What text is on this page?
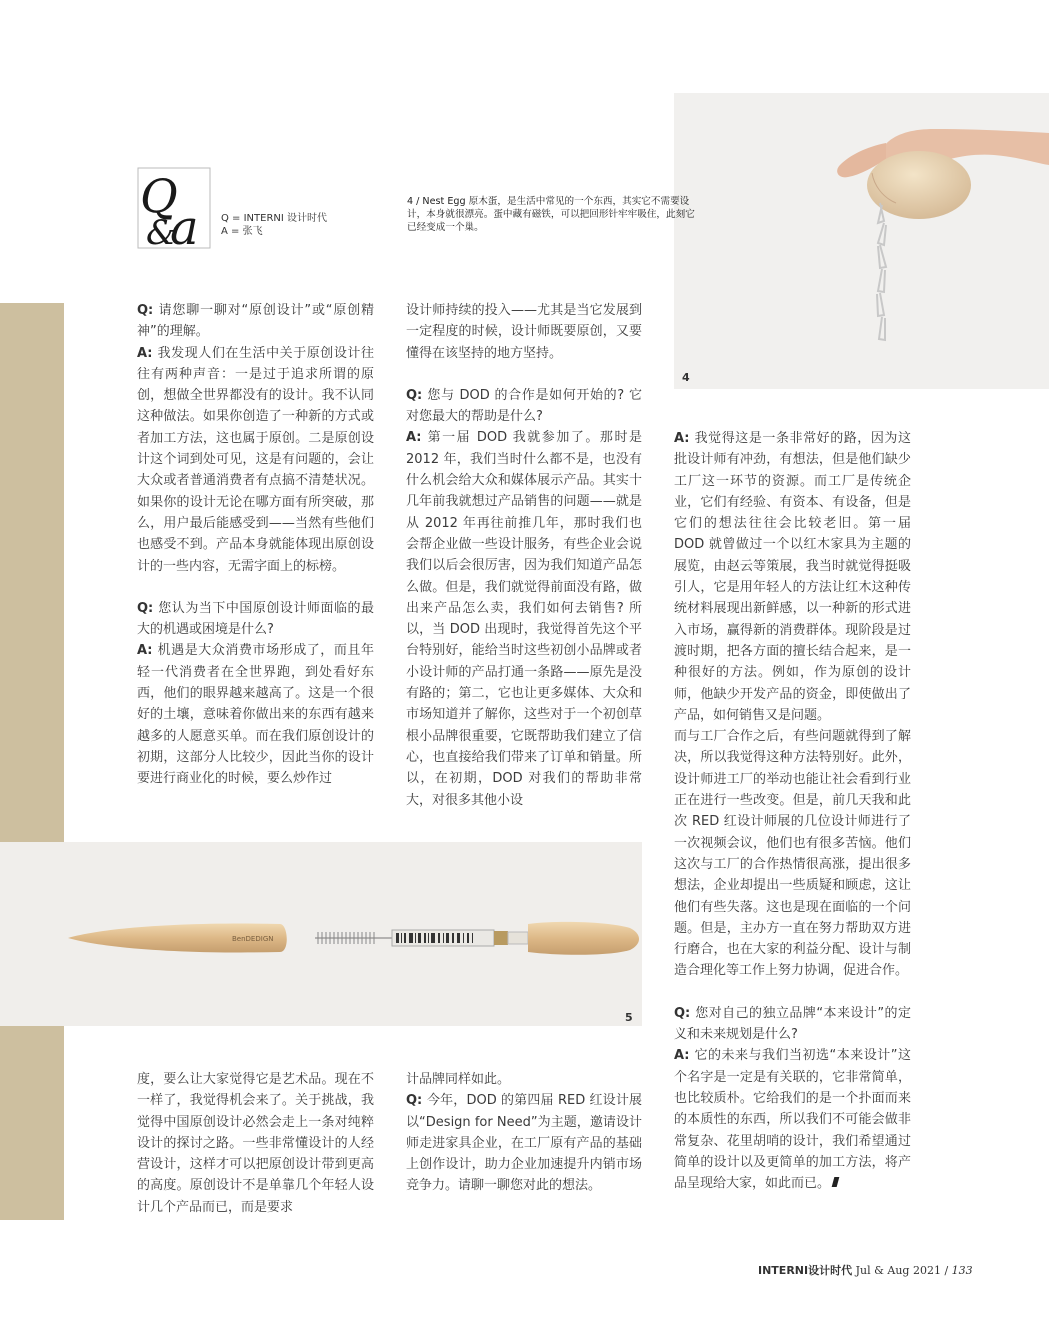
4
Q
&
a Q = INTERNI 设计时代
A = 张飞
4 / Nest Egg 原木蛋，是生活中常见的一个东西，其实它不需要设计，本身就很漂亮。蛋中藏有磁铁，可以把回形针牢牢吸住，此刻它已经变成一个巢。

Q: 请您聊一聊对“原创设计”或“原创精神”的理解。

A: 我发现人们在生活中关于原创设计往往有两种声音：一是过于追求所谓的原创，想做全世界都没有的设计。我不认同这种做法。如果你创造了一种新的方式或者加工方法，这也属于原创。二是原创设计这个词到处可见，这是有问题的，会让大众或者普通消费者有点搞不清楚状况。如果你的设计无论在哪方面有所突破，那么，用户最后能感受到——当然有些他们也感受不到。产品本身就能体现出原创设计的一些内容，无需字面上的标榜。

Q: 您认为当下中国原创设计师面临的最大的机遇或困境是什么?

A: 机遇是大众消费市场形成了，而且年轻一代消费者在全世界跑，到处看好东西，他们的眼界越来越高了。这是一个很好的土壤，意味着你做出来的东西有越来越多的人愿意买单。而在我们原创设计的初期，这部分人比较少，因此当你的设计要进行商业化的时候，要么炒作过

设计师持续的投入——尤其是当它发展到一定程度的时候，设计师既要原创，又要懂得在该坚持的地方坚持。

Q: 您与 DOD 的合作是如何开始的? 它对您最大的帮助是什么?

A: 第一届 DOD 我就参加了。那时是 2012 年，我们当时什么都不是，也没有什么机会给大众和媒体展示产品。其实十几年前我就想过产品销售的问题——就是从 2012 年再往前推几年，那时我们也会帮企业做一些设计服务，有些企业会说我们以后会很厉害，因为我们知道产品怎么做。但是，我们就觉得前面没有路，做出来产品怎么卖，我们如何去销售? 所以，当 DOD 出现时，我觉得首先这个平台特别好，能给当时这些初创小品牌或者小设计师的产品打通一条路——原先是没有路的；第二，它也让更多媒体、大众和市场知道并了解你，这些对于一个初创草根小品牌很重要，它既帮助我们建立了信心，也直接给我们带来了订单和销量。所以，在初期，DOD 对我们的帮助非常大，对很多其他小设

A: 我觉得这是一条非常好的路，因为这批设计师有冲劲，有想法，但是他们缺少工厂这一环节的资源。而工厂是传统企业，它们有经验、有资本、有设备，但是它们的想法往往会比较老旧。第一届 DOD 就曾做过一个以红木家具为主题的展览，由赵云等策展，我当时就觉得挺吸引人，它是用年轻人的方法让红木这种传统材料展现出新鲜感，以一种新的形式进入市场，赢得新的消费群体。现阶段是过渡时期，把各方面的擅长结合起来，是一种很好的方法。例如，作为原创的设计师，他缺少开发产品的资金，即使做出了产品，如何销售又是问题。

而与工厂合作之后，有些问题就得到了解决，所以我觉得这种方法特别好。此外，设计师进工厂的举动也能让社会看到行业正在进行一些改变。但是，前几天我和此次 RED 红设计师展的几位设计师进行了一次视频会议，他们也有很多苦恼。他们这次与工厂的合作热情很高涨，提出很多想法，企业却提出一些质疑和顾虑，这让他们有些失落。这也是现在面临的一个问题。但是，主办方一直在努力帮助双方进行磨合，也在大家的利益分配、设计与制造合理化等工作上努力协调，促进合作。

Q: 您对自己的独立品牌“本来设计”的定义和未来规划是什么?

A: 它的未来与我们当初选“本来设计”这个名字是一定是有关联的，它非常简单，也比较质朴。它给我们的是一个扑面而来的本质性的东西，所以我们不可能会做非常复杂、花里胡哨的设计，我们希望通过简单的设计以及更简单的加工方法，将产品呈现给大家，如此而已。

BenDEDIGN
5

度，要么让大家觉得它是艺术品。现在不一样了，我觉得机会来了。关于挑战，我觉得中国原创设计必然会走上一条对纯粹设计的探讨之路。一些非常懂设计的人经营设计，这样才可以把原创设计带到更高的高度。原创设计不是单靠几个年轻人设计几个产品而已，而是要求

计品牌同样如此。

Q: 今年，DOD 的第四届 RED 红设计展以“Design for Need”为主题，邀请设计师走进家具企业，在工厂原有产品的基础上创作设计，助力企业加速提升内销市场竞争力。请聊一聊您对此的想法。

INTERNI设计时代 Jul & Aug 2021 / 133
